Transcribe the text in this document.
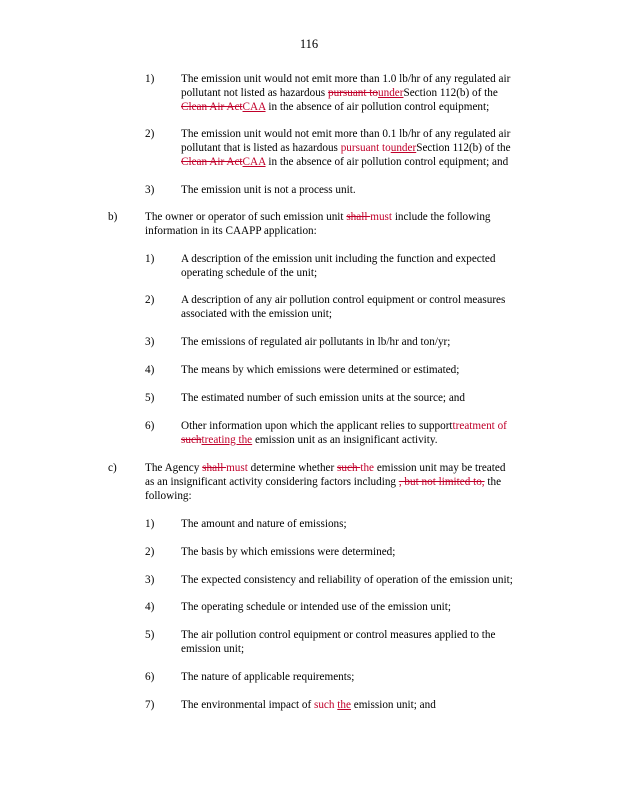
116
1) The emission unit would not emit more than 1.0 lb/hr of any regulated air
pollutant not listed as hazardous pursuant tounderSection 112(b) of the
Clean Air ActCAA in the absence of air pollution control equipment;
2) The emission unit would not emit more than 0.1 lb/hr of any regulated air
pollutant that is listed as hazardous pursuant tounderSection 112(b) of the
Clean Air ActCAA in the absence of air pollution control equipment; and
3) The emission unit is not a process unit.
b) The owner or operator of such emission unit shall must include the following
information in its CAAPP application:
1) A description of the emission unit including the function and expected
operating schedule of the unit;
2) A description of any air pollution control equipment or control measures
associated with the emission unit;
3) The emissions of regulated air pollutants in lb/hr and ton/yr;
4) The means by which emissions were determined or estimated;
5) The estimated number of such emission units at the source; and
6) Other information upon which the applicant relies to supporttreatment of
suchtreating the emission unit as an insignificant activity.
c)	The Agency shall must determine whether such the emission unit may be treated
as an insignificant activity considering factors including , but not limited to, the
following:
1) The amount and nature of emissions;
2) The basis by which emissions were determined;
3) The expected consistency and reliability of operation of the emission unit;
4) The operating schedule or intended use of the emission unit;
5) The air pollution control equipment or control measures applied to the
emission unit;
6) The nature of applicable requirements;
7) The environmental impact of such the emission unit; and
